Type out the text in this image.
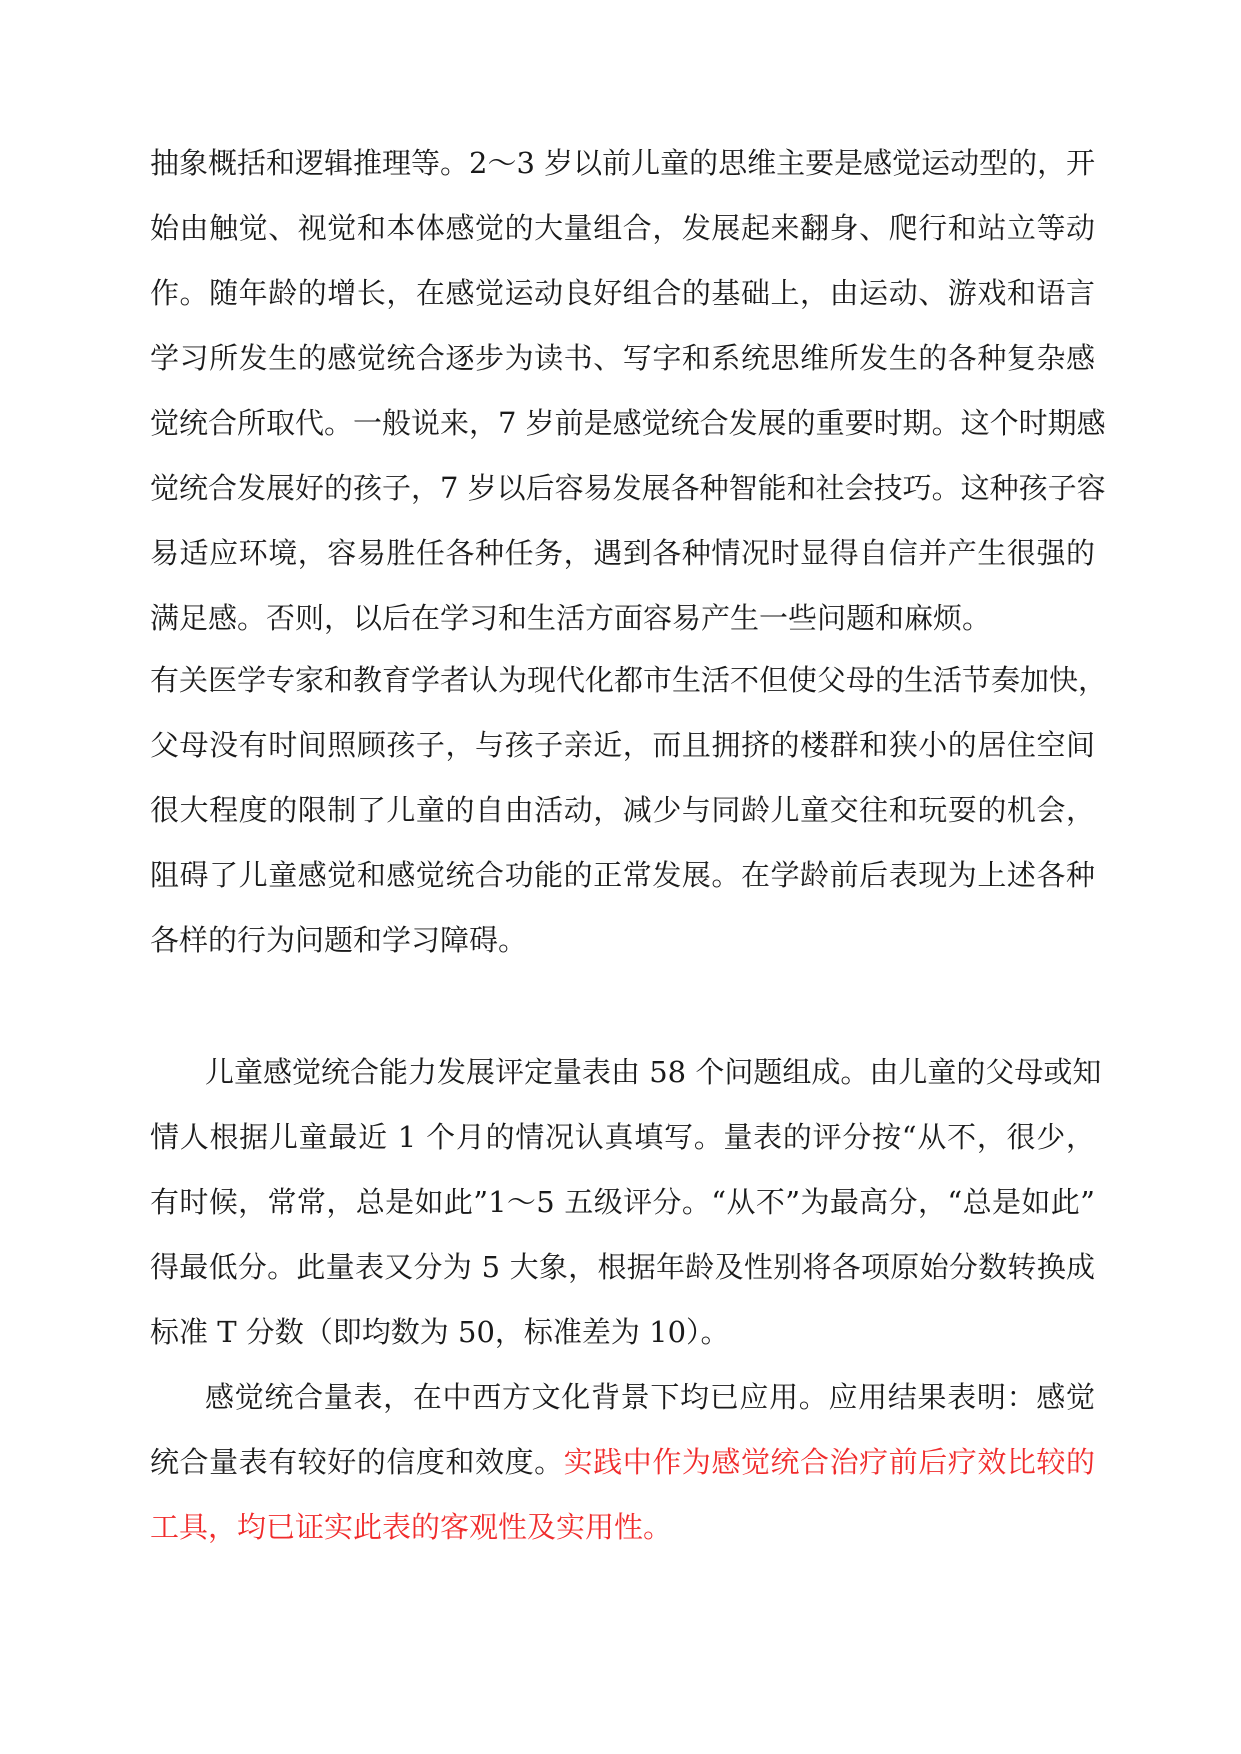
抽象概括和逻辑推理等。2～3 岁以前儿童的思维主要是感觉运动型的，开
始由触觉、视觉和本体感觉的大量组合，发展起来翻身、爬行和站立等动
作。随年龄的增长，在感觉运动良好组合的基础上，由运动、游戏和语言
学习所发生的感觉统合逐步为读书、写字和系统思维所发生的各种复杂感
觉统合所取代。一般说来，7 岁前是感觉统合发展的重要时期。这个时期感
觉统合发展好的孩子，7 岁以后容易发展各种智能和社会技巧。这种孩子容
易适应环境，容易胜任各种任务，遇到各种情况时显得自信并产生很强的
满足感。否则，以后在学习和生活方面容易产生一些问题和麻烦。
有关医学专家和教育学者认为现代化都市生活不但使父母的生活节奏加快，
父母没有时间照顾孩子，与孩子亲近，而且拥挤的楼群和狭小的居住空间
很大程度的限制了儿童的自由活动，减少与同龄儿童交往和玩耍的机会，
阻碍了儿童感觉和感觉统合功能的正常发展。在学龄前后表现为上述各种
各样的行为问题和学习障碍。
儿童感觉统合能力发展评定量表由 58 个问题组成。由儿童的父母或知
情人根据儿童最近 1 个月的情况认真填写。量表的评分按“从不，很少，
有时候，常常，总是如此”1～5 五级评分。“从不”为最高分，“总是如此”
得最低分。此量表又分为 5 大象，根据年龄及性别将各项原始分数转换成
标准 T 分数（即均数为 50，标准差为 10）。
感觉统合量表，在中西方文化背景下均已应用。应用结果表明：感觉
统合量表有较好的信度和效度。实践中作为感觉统合治疗前后疗效比较的
工具，均已证实此表的客观性及实用性。
